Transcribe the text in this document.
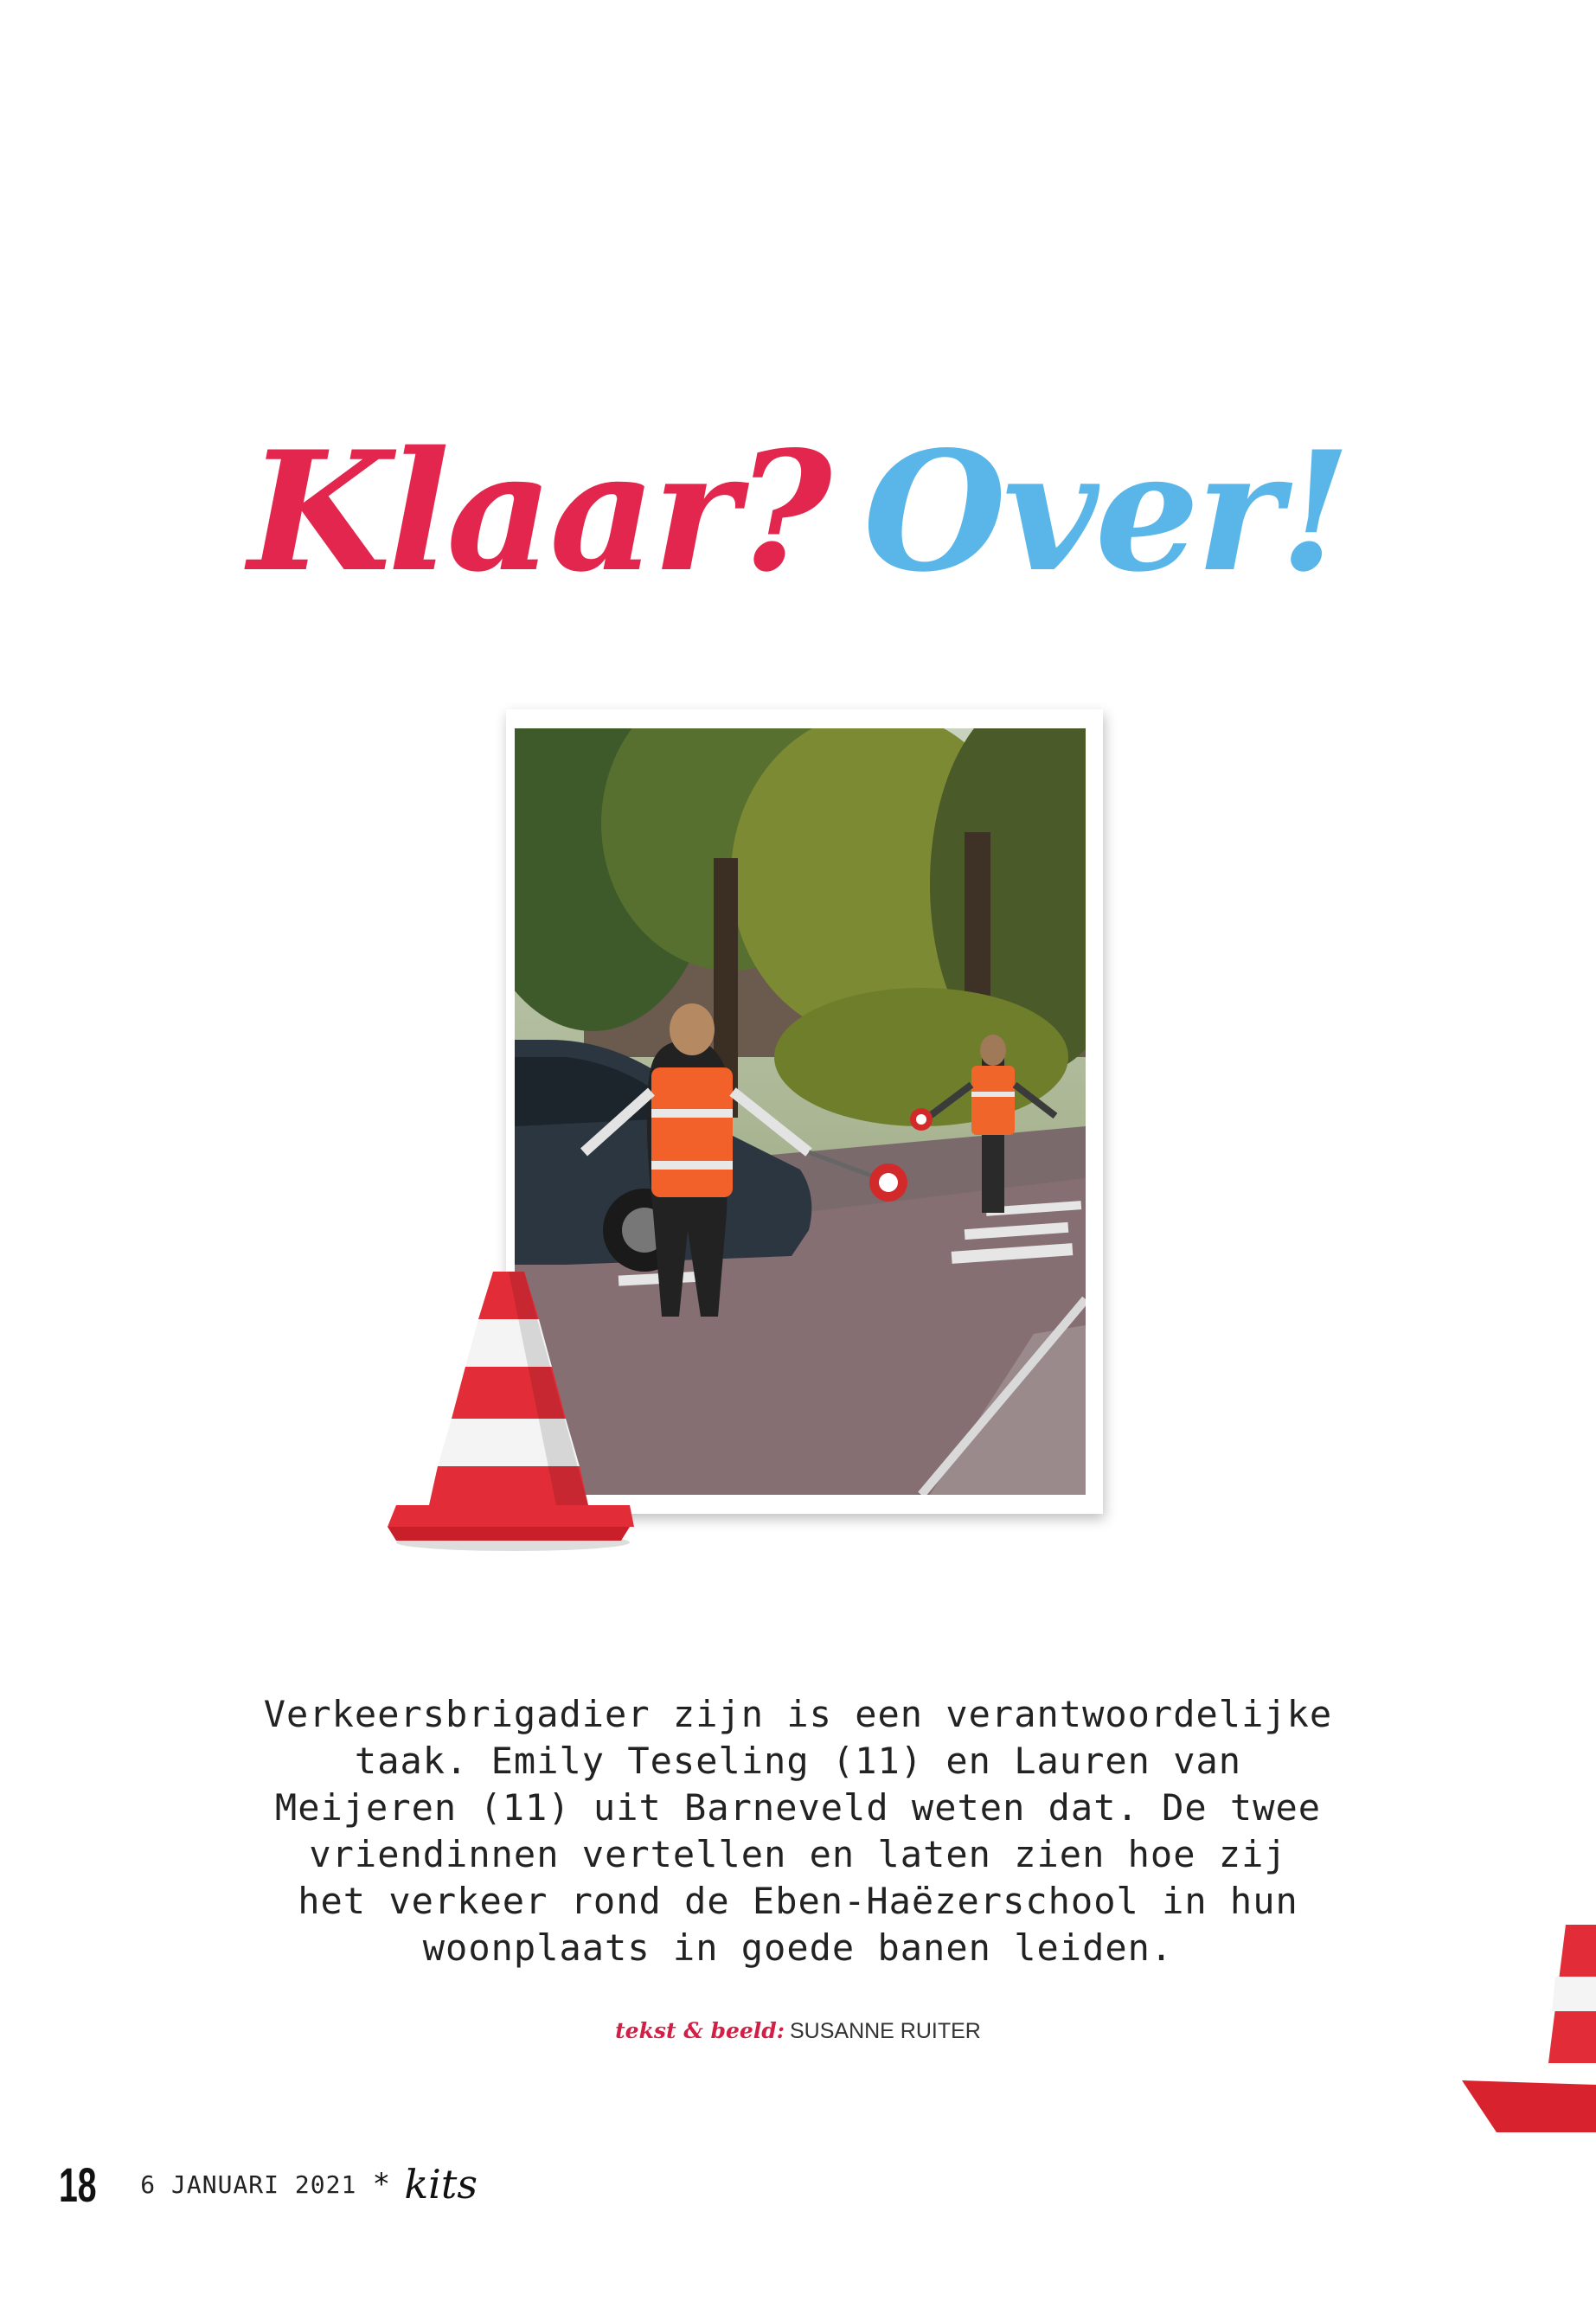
Klaar? Over!
Verkeersbrigadier zijn is een verantwoordelijke
taak. Emily Teseling (11) en Lauren van
Meijeren (11) uit Barneveld weten dat. De twee
vriendinnen vertellen en laten zien hoe zij
het verkeer rond de Eben-Haëzerschool in hun
woonplaats in goede banen leiden.
tekst & beeld: SUSANNE RUITER
18 6 JANUARI 2021 * kits
